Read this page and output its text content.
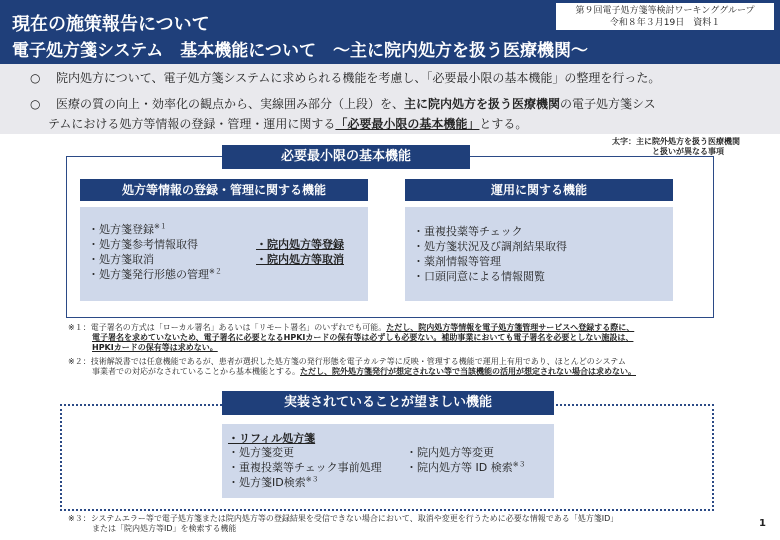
現在の施策報告について
電子処方箋システム　基本機能について　～主に院内処方を扱う医療機関～
第９回電子処方箋等検討ワーキンググループ
令和８年３月19日　資料１
○ 院内処方について、電子処方箋システムに求められる機能を考慮し、「必要最小限の基本機能」の整理を行った。
○ 医療の質の向上・効率化の観点から、実線囲み部分（上段）を、主に院内処方を扱う医療機関の電子処方箋シス
テムにおける処方等情報の登録・管理・運用に関する「必要最小限の基本機能」とする。
太字：主に院外処方を扱う医療機関
と扱いが異なる事項
必要最小限の基本機能
処方等情報の登録・管理に関する機能	運用に関する機能
・処方箋登録$^{※1}$
・処方箋参考情報取得
・処方箋取消
・処方箋発行形態の管理$^{※2}$
・院内処方等登録
・院内処方等取消
・重複投薬等チェック
・処方箋状況及び調剤結果取得
・薬剤情報等管理
・口頭同意による情報閲覧
※１：電子署名の方式は「ローカル署名」あるいは「リモート署名」のいずれでも可能。ただし、院内処方等情報を電子処方箋管理サービスへ登録する際に、
電子署名を求めていないため、電子署名に必要となるHPKIカードの保有等は必ずしも必要ない。補助事業においても電子署名を必要としない施設は、
HPKIカードの保有等は求めない。
※２：技術解説書では任意機能であるが、患者が選択した処方箋の発行形態を電子カルテ等に反映・管理する機能で運用上有用であり、ほとんどのシステム
事業者での対応がなされていることから基本機能とする。ただし、院外処方箋発行が想定されない等で当該機能の活用が想定されない場合は求めない。
実装されていることが望ましい機能
・リフィル処方箋
・処方箋変更
・重複投薬等チェック事前処理
・処方箋ID検索$^{※3}$
・院内処方等変更
・院内処方等 ID 検索$^{※3}$
※３：システムエラー等で電子処方箋または院内処方等の登録結果を受信できない場合において、取消や変更を行うために必要な情報である「処方箋ID」
または「院内処方等ID」を検索する機能	1
